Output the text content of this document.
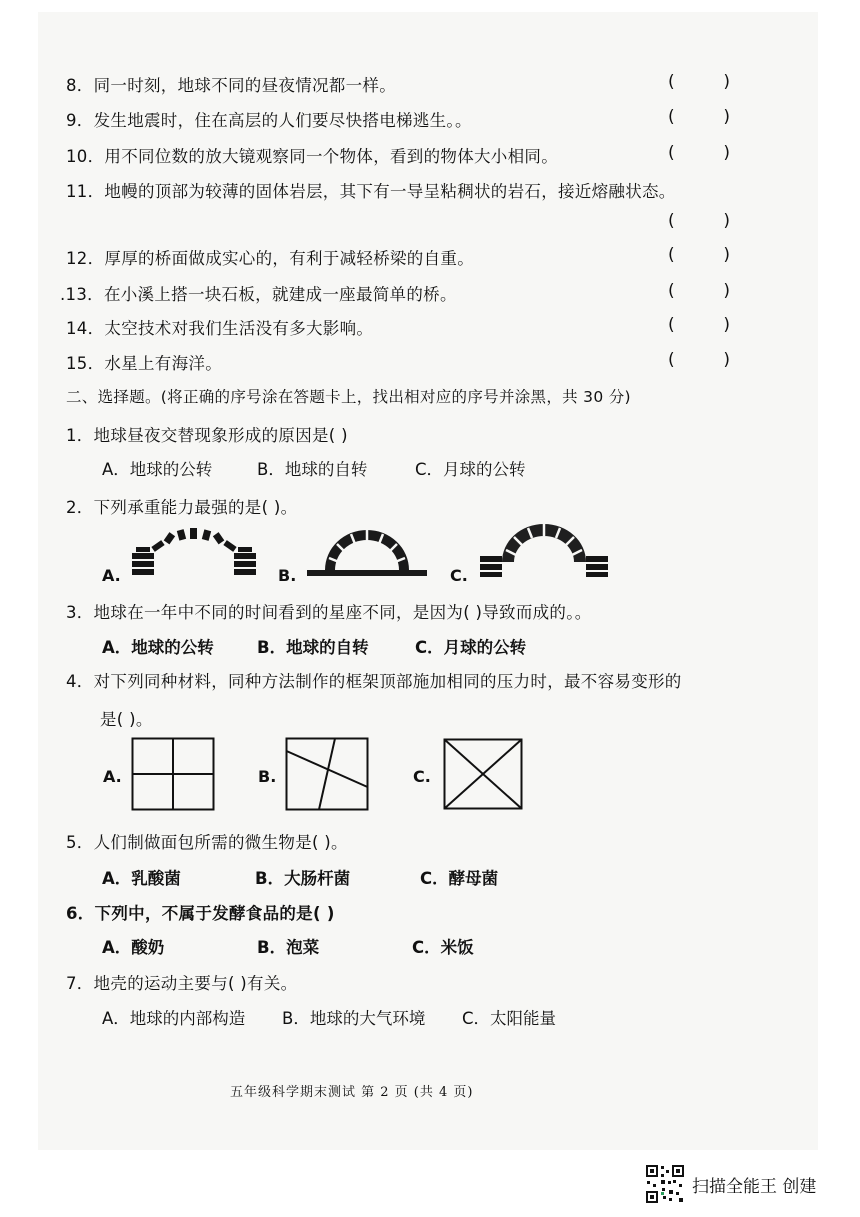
8．同一时刻，地球不同的昼夜情况都一样。	(	)
9．发生地震时，住在高层的人们要尽快搭电梯逃生。。	(	)
10．用不同位数的放大镜观察同一个物体，看到的物体大小相同。	(	)
11．地幔的顶部为较薄的固体岩层，其下有一导呈粘稠状的岩石，接近熔融状态。
(	)
12．厚厚的桥面做成实心的，有利于减轻桥梁的自重。	(	)
.13．在小溪上搭一块石板，就建成一座最简单的桥。	(	)
14．太空技术对我们生活没有多大影响。	(	)
15．水星上有海洋。	(	)
二、选择题。(将正确的序号涂在答题卡上，找出相对应的序号并涂黑，共 30 分)
1．地球昼夜交替现象形成的原因是( )
A．地球的公转	B．地球的自转	C．月球的公转
2．下列承重能力最强的是( )。
A.	B.	C.
3．地球在一年中不同的时间看到的星座不同，是因为( )导致而成的。。
A．地球的公转	B．地球的自转	C．月球的公转
4．对下列同种材料，同种方法制作的框架顶部施加相同的压力时，最不容易变形的
是( )。
A.	B.	C.
5．人们制做面包所需的微生物是( )。
A．乳酸菌	B．大肠杆菌	C．酵母菌
6．下列中，不属于发酵食品的是( )
A．酸奶	B．泡菜	C．米饭
7．地壳的运动主要与( )有关。
A．地球的内部构造	B．地球的大气环境	C．太阳能量
五年级科学期末测试 第 2 页 (共 4 页)
扫描全能王 创建
